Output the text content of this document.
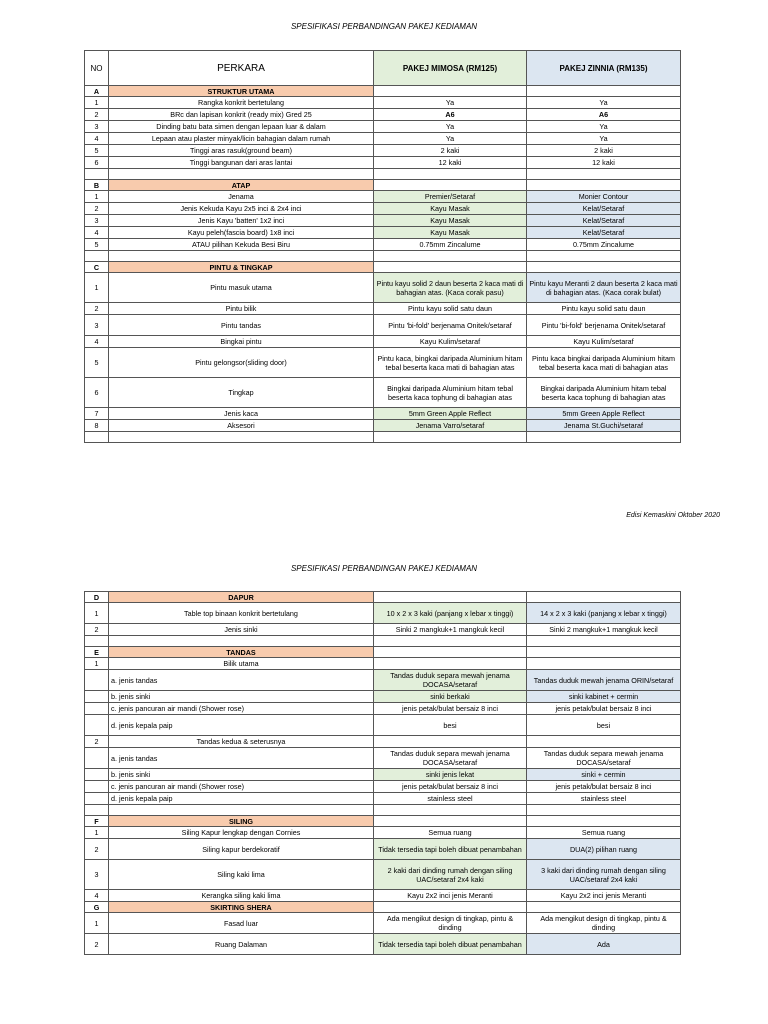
SPESIFIKASI PERBANDINGAN PAKEJ KEDIAMAN
NO	PERKARA	PAKEJ MIMOSA (RM125)	PAKEJ ZINNIA (RM135)
A	STRUKTUR UTAMA		
1	Rangka konkrit bertetulang	Ya	Ya
2	BRc dan lapisan konkrit (ready mix) Gred 25	A6	A6
3	Dinding batu bata simen dengan lepaan luar & dalam	Ya	Ya
4	Lepaan atau plaster minyak/licin bahagian dalam rumah	Ya	Ya
5	Tinggi aras rasuk(ground beam)	2 kaki	2 kaki
6	Tinggi bangunan dari aras lantai	12 kaki	12 kaki

B	ATAP		
1	Jenama	Premier/Setaraf	Monier Contour
2	Jenis Kekuda Kayu 2x5 inci & 2x4 inci	Kayu Masak	Kelat/Setaraf
3	Jenis Kayu 'batten' 1x2 inci	Kayu Masak	Kelat/Setaraf
4	Kayu peleh(fascia board) 1x8 inci	Kayu Masak	Kelat/Setaraf
5	ATAU pilihan Kekuda Besi Biru	0.75mm Zincalume	0.75mm Zincalume

C	PINTU & TINGKAP		
1	Pintu masuk utama	Pintu kayu solid 2 daun beserta 2 kaca mati di bahagian atas. (Kaca corak pasu)	Pintu kayu Meranti 2 daun beserta 2 kaca mati di bahagian atas. (Kaca corak bulat)
2	Pintu bilik	Pintu kayu solid satu daun	Pintu kayu solid satu daun
3	Pintu tandas	Pintu 'bi-fold' berjenama Onitek/setaraf	Pintu 'bi-fold' berjenama Onitek/setaraf
4	Bingkai pintu	Kayu Kulim/setaraf	Kayu Kulim/setaraf
5	Pintu gelongsor(sliding door)	Pintu kaca, bingkai daripada Aluminium hitam tebal beserta kaca mati di bahagian atas	Pintu kaca bingkai daripada Aluminium hitam tebal beserta kaca mati di bahagian atas
6	Tingkap	Bingkai daripada Aluminium hitam tebal beserta kaca tophung di bahagian atas	Bingkai daripada Aluminium hitam tebal beserta kaca tophung di bahagian atas
7	Jenis kaca	5mm Green Apple Reflect	5mm Green Apple Reflect
8	Aksesori	Jenama Varro/setaraf	Jenama St.Guchi/setaraf

Edisi Kemaskini Oktober 2020
SPESIFIKASI PERBANDINGAN PAKEJ KEDIAMAN
D	DAPUR		
1	Table top binaan konkrit bertetulang	10 x 2 x 3 kaki (panjang x lebar x tinggi)	14 x 2 x 3 kaki (panjang x lebar x tinggi)
2	Jenis sinki	Sinki 2 mangkuk+1 mangkuk kecil	Sinki 2 mangkuk+1 mangkuk kecil

E	TANDAS		
1	Bilik utama		
	a. jenis tandas	Tandas duduk separa mewah jenama DOCASA/setaraf	Tandas duduk mewah jenama ORIN/setaraf
	b. jenis sinki	sinki berkaki	sinki kabinet + cermin
	c. jenis pancuran air mandi (Shower rose)	jenis petak/bulat bersaiz 8 inci	jenis petak/bulat bersaiz 8 inci
	d. jenis kepala paip	besi	besi
2	Tandas kedua & seterusnya		
	a. jenis tandas	Tandas duduk separa mewah jenama DOCASA/setaraf	Tandas duduk separa mewah jenama DOCASA/setaraf
	b. jenis sinki	sinki jenis lekat	sinki + cermin
	c. jenis pancuran air mandi (Shower rose)	jenis petak/bulat bersaiz 8 inci	jenis petak/bulat bersaiz 8 inci
	d. jenis kepala paip	stainless steel	stainless steel

F	SILING		
1	Siling Kapur lengkap dengan Cornies	Semua ruang	Semua ruang
2	Siling kapur berdekoratif	Tidak tersedia tapi boleh dibuat penambahan	DUA(2) pilihan ruang
3	Siling kaki lima	2 kaki dari dinding rumah dengan siling UAC/setaraf 2x4 kaki	3 kaki dari dinding rumah dengan siling UAC/setaraf 2x4 kaki
4	Kerangka siling kaki lima	Kayu 2x2 inci jenis Meranti	Kayu 2x2 inci jenis Meranti
G	SKIRTING SHERA		
1	Fasad luar	Ada mengikut design di tingkap, pintu & dinding	Ada mengikut design di tingkap, pintu & dinding
2	Ruang Dalaman	Tidak tersedia tapi boleh dibuat penambahan	Ada
